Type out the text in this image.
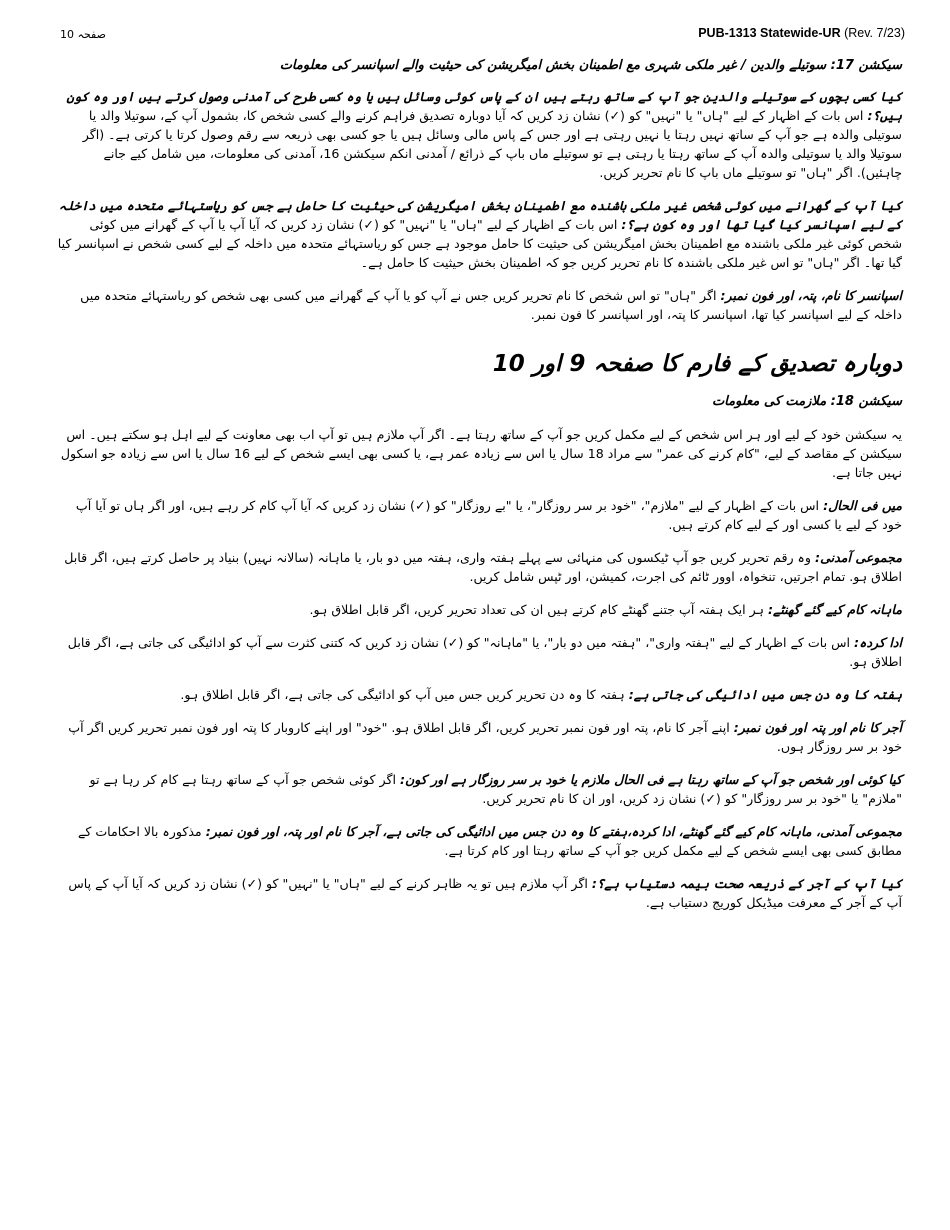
صفحہ 10	PUB-1313 Statewide-UR (Rev. 7/23)
سیکشن 17: سوتیلے والدین / غیر ملکی شہری مع اطمینان بخش امیگریشن کی حیثیت والے اسپانسر کی معلومات

کیا کسی بچوں کے سوتیلے والدین جو آپ کے ساتھ رہتے ہیں ان کے پاس کوئی وسائل ہیں یا وہ کسی طرح کی آمدنی وصول کرتے ہیں اور وہ کون ہیں؟: اس بات کے اظہار کے لیے "ہاں" یا "نہیں" کو (✓) نشان زد کریں کہ آیا دوبارہ تصدیق فراہم کرنے والے کسی شخص کا، بشمول آپ کے، سوتیلا والد یا سوتیلی والدہ ہے جو آپ کے ساتھ نہیں رہتا یا نہیں رہتی ہے اور جس کے پاس مالی وسائل ہیں یا جو کسی بھی ذریعہ سے رقم وصول کرتا یا کرتی ہے۔ (اگر سوتیلا والد یا سوتیلی والدہ آپ کے ساتھ رہتا یا رہتی ہے تو سوتیلے ماں باپ کے ذرائع / آمدنی انکم سیکشن 16، آمدنی کی معلومات، میں شامل کیے جانے چاہئیں). اگر "ہاں" تو سوتیلے ماں باپ کا نام تحریر کریں.

کیا آپ کے گھرانے میں کوئی شخص غیر ملکی باشندہ مع اطمینان بخش امیگریشن کی حیثیت کا حامل ہے جس کو ریاستہائے متحدہ میں داخلہ کے لیے اسپانسر کیا گیا تھا اور وہ کون ہے؟: اس بات کے اظہار کے لیے "ہاں" یا "نہیں" کو (✓) نشان زد کریں کہ آیا آپ یا آپ کے گھرانے میں کوئی شخص کوئی غیر ملکی باشندہ مع اطمینان بخش امیگریشن کی حیثیت کا حامل موجود ہے جس کو ریاستہائے متحدہ میں داخلہ کے لیے کسی شخص نے اسپانسر کیا گیا تھا۔ اگر "ہاں" تو اس غیر ملکی باشندہ کا نام تحریر کریں جو کہ اطمینان بخش حیثیت کا حامل ہے۔

اسپانسر کا نام، پتہ، اور فون نمبر: اگر "ہاں" تو اس شخص کا نام تحریر کریں جس نے آپ کو یا آپ کے گھرانے میں کسی بھی شخص کو ریاستہائے متحدہ میں داخلہ کے لیے اسپانسر کیا تھا، اسپانسر کا پتہ، اور اسپانسر کا فون نمبر.

دوبارہ تصدیق کے فارم کا صفحہ 9 اور 10
سیکشن 18: ملازمت کی معلومات

یہ سیکشن خود کے لیے اور ہر اس شخص کے لیے مکمل کریں جو آپ کے ساتھ رہتا ہے۔ اگر آپ ملازم ہیں تو آپ اب بھی معاونت کے لیے اہل ہو سکتے ہیں۔ اس سیکشن کے مقاصد کے لیے، "کام کرنے کی عمر" سے مراد 18 سال یا اس سے زیادہ عمر ہے، یا کسی بھی ایسے شخص کے لیے 16 سال یا اس سے زیادہ جو اسکول نہیں جاتا ہے.

میں فی الحال: اس بات کے اظہار کے لیے "ملازم"، "خود بر سر روزگار"، یا "بے روزگار" کو (✓) نشان زد کریں کہ آیا آپ کام کر رہے ہیں، اور اگر ہاں تو آیا آپ خود کے لیے یا کسی اور کے لیے کام کرتے ہیں.

مجموعی آمدنی: وہ رقم تحریر کریں جو آپ ٹیکسوں کی منہائی سے پہلے ہفتہ واری، ہفتہ میں دو بار، یا ماہانہ (سالانہ نہیں) بنیاد پر حاصل کرتے ہیں، اگر قابل اطلاق ہو. تمام اجرتیں، تنخواہ، اوور ٹائم کی اجرت، کمیشن، اور ٹپس شامل کریں.

ماہانہ کام کیے گئے گھنٹے: ہر ایک ہفتہ آپ جتنے گھنٹے کام کرتے ہیں ان کی تعداد تحریر کریں، اگر قابل اطلاق ہو.

ادا کردہ: اس بات کے اظہار کے لیے "ہفتہ واری"، "ہفتہ میں دو بار"، یا "ماہانہ" کو (✓) نشان زد کریں کہ کتنی کثرت سے آپ کو ادائیگی کی جاتی ہے، اگر قابل اطلاق ہو.

ہفتہ کا وہ دن جس میں ادائیگی کی جاتی ہے: ہفتہ کا وہ دن تحریر کریں جس میں آپ کو ادائیگی کی جاتی ہے، اگر قابل اطلاق ہو.

آجر کا نام اور پتہ اور فون نمبر: اپنے آجر کا نام، پتہ اور فون نمبر تحریر کریں، اگر قابل اطلاق ہو. "خود" اور اپنے کاروبار کا پتہ اور فون نمبر تحریر کریں اگر آپ خود بر سر روزگار ہوں.

کیا کوئی اور شخص جو آپ کے ساتھ رہتا ہے فی الحال ملازم یا خود بر سر روزگار ہے اور کون: اگر کوئی شخص جو آپ کے ساتھ رہتا ہے کام کر رہا ہے تو "ملازم" یا "خود بر سر روزگار" کو (✓) نشان زد کریں، اور ان کا نام تحریر کریں.

مجموعی آمدنی، ماہانہ کام کیے گئے گھنٹے، ادا کردہ،ہفتے کا وہ دن جس میں ادائیگی کی جاتی ہے، آجر کا نام اور پتہ، اور فون نمبر: مذکورہ بالا احکامات کے مطابق کسی بھی ایسے شخص کے لیے مکمل کریں جو آپ کے ساتھ رہتا اور کام کرتا ہے.

کیا آپ کے آجر کے ذریعہ صحت بیمہ دستیاب ہے؟: اگر آپ ملازم ہیں تو یہ ظاہر کرنے کے لیے "ہاں" یا "نہیں" کو (✓) نشان زد کریں کہ آیا آپ کے پاس آپ کے آجر کے معرفت میڈیکل کوریج دستیاب ہے.
